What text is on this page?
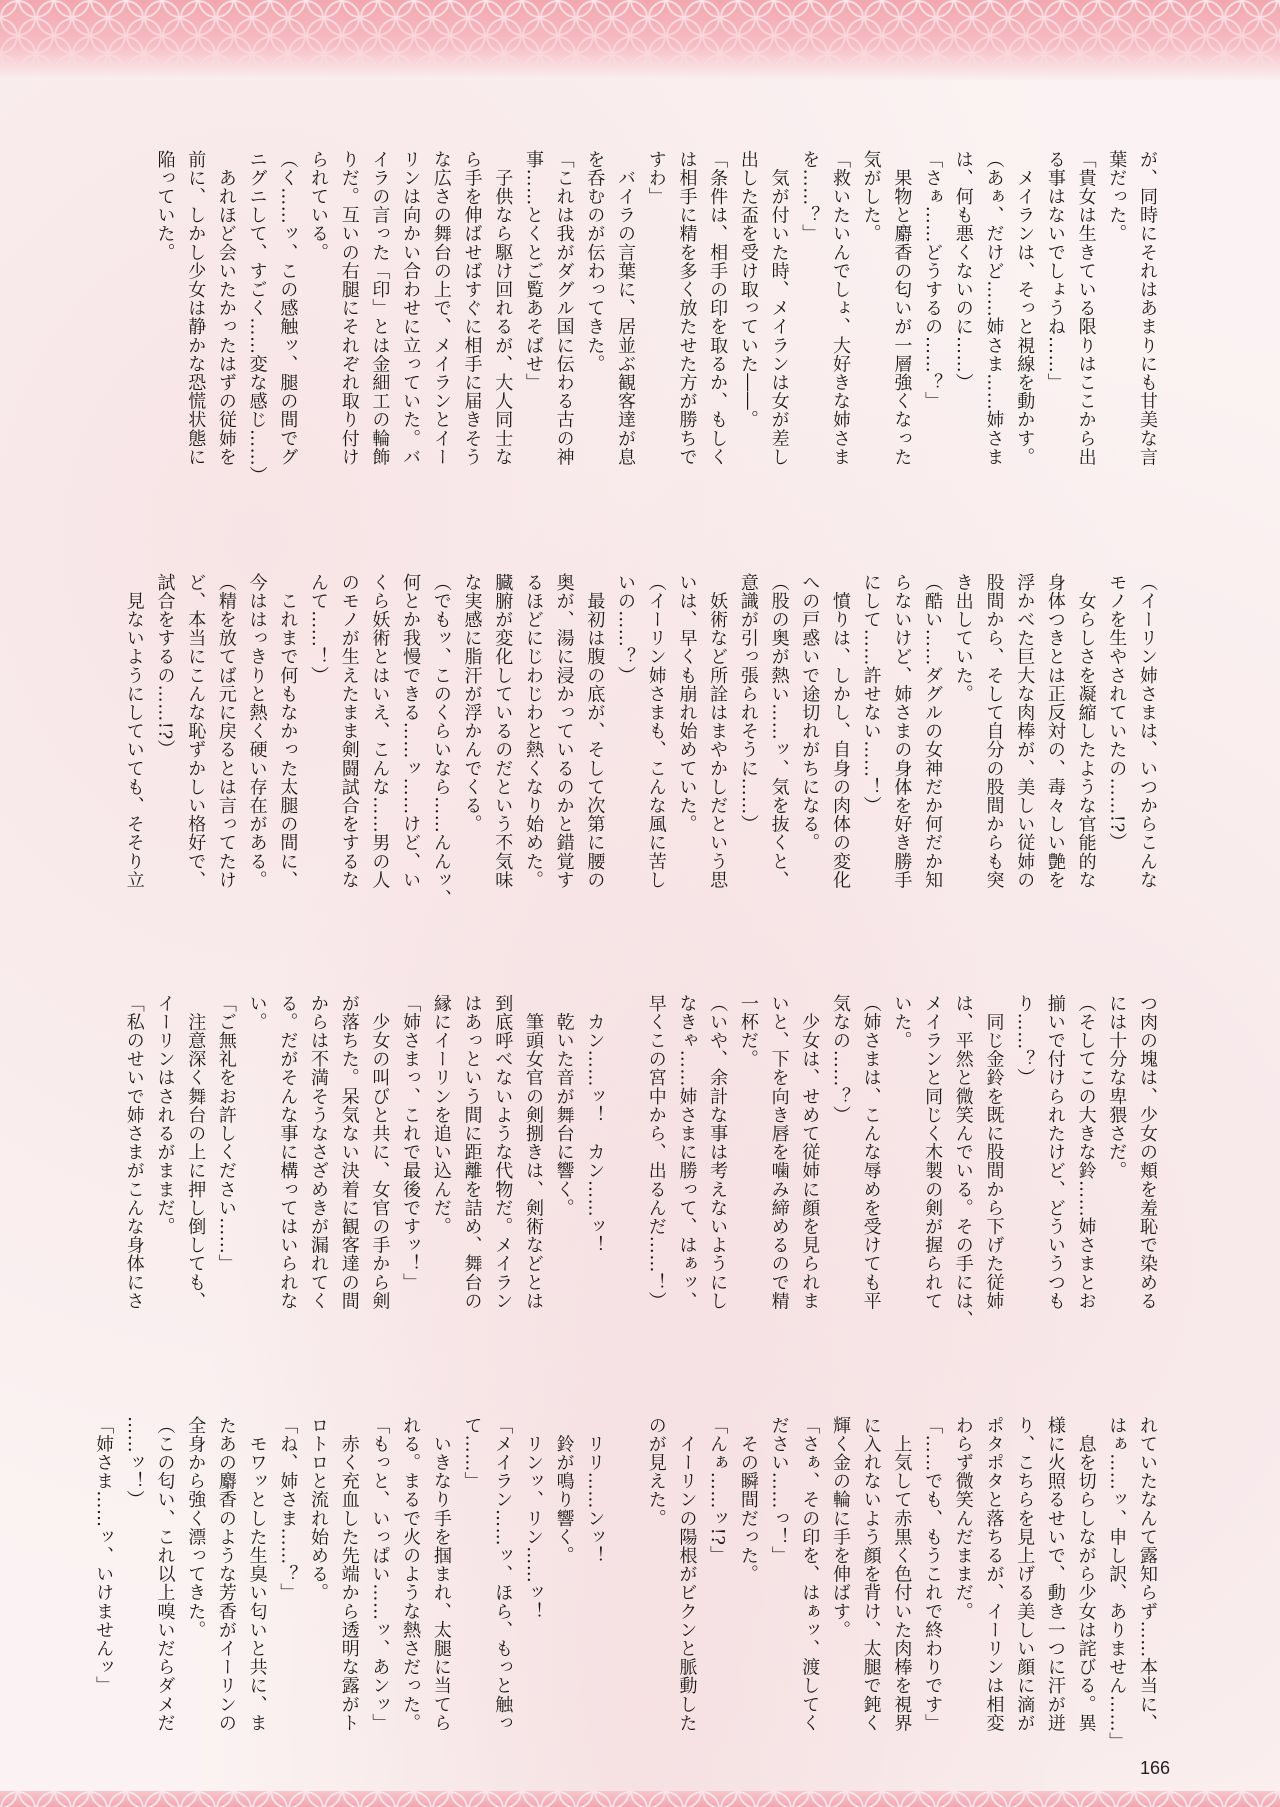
が、同時にそれはあまりにも甘美な言
葉だった。
「貴女は生きている限りはここから出
る事はないでしょうね……」
　メイランは、そっと視線を動かす。
（あぁ、だけど……姉さま……姉さま
は、何も悪くないのに……）
「さぁ……どうするの……？」
　果物と麝香の匂いが一層強くなった
気がした。
「救いたいんでしょ、大好きな姉さま
を……？」
　気が付いた時、メイランは女が差し
出した盃を受け取っていた――。
「条件は、相手の印を取るか、もしく
は相手に精を多く放たせた方が勝ちで
すわ」
　バイラの言葉に、居並ぶ観客達が息
を呑むのが伝わってきた。
「これは我がダグル国に伝わる古の神
事……とくとご覧あそばせ」
　子供なら駆け回れるが、大人同士な
ら手を伸ばせばすぐに相手に届きそう
な広さの舞台の上で、メイランとイー
リンは向かい合わせに立っていた。バ
イラの言った「印」とは金細工の輪飾
りだ。互いの右腿にそれぞれ取り付け
られている。
（く……ッ、この感触ッ、腿の間でグ
ニグニして、すごく……変な感じ……）
　あれほど会いたかったはずの従姉を
前に、しかし少女は静かな恐慌状態に
陥っていた。
（イーリン姉さまは、いつからこんな
モノを生やされていたの……!?）
　女らしさを凝縮したような官能的な
身体つきとは正反対の、毒々しい艶を
浮かべた巨大な肉棒が、美しい従姉の
股間から、そして自分の股間からも突
き出していた。
（酷い……ダグルの女神だか何だか知
らないけど、姉さまの身体を好き勝手
にして……許せない……！）
　憤りは、しかし、自身の肉体の変化
への戸惑いで途切れがちになる。
（股の奥が熱い……ッ、気を抜くと、
意識が引っ張られそうに……）
　妖術など所詮はまやかしだという思
いは、早くも崩れ始めていた。
（イーリン姉さまも、こんな風に苦し
いの……？）
　最初は腹の底が、そして次第に腰の
奥が、湯に浸かっているのかと錯覚す
るほどにじわじわと熱くなり始めた。
臓腑が変化しているのだという不気味
な実感に脂汗が浮かんでくる。
（でもッ、このくらいなら……んんッ、
何とか我慢できる……ッ……けど、い
くら妖術とはいえ、こんな……男の人
のモノが生えたまま剣闘試合をするな
んて……！）
　これまで何もなかった太腿の間に、
今ははっきりと熱く硬い存在がある。
（精を放てば元に戻るとは言ってたけ
ど、本当にこんな恥ずかしい格好で、
試合をするの……!?）
　見ないようにしていても、そそり立
つ肉の塊は、少女の頬を羞恥で染める
には十分な卑猥さだ。
（そしてこの大きな鈴……姉さまとお
揃いで付けられたけど、どういうつも
り……？）
　同じ金鈴を既に股間から下げた従姉
は、平然と微笑んでいる。その手には、
メイランと同じく木製の剣が握られて
いた。
（姉さまは、こんな辱めを受けても平
気なの……？）
　少女は、せめて従姉に顔を見られま
いと、下を向き唇を噛み締めるので精
一杯だ。
（いや、余計な事は考えないようにし
なきゃ……姉さまに勝って、はぁッ、
早くこの宮中から、出るんだ……！）

　カン……ッ！　カン……ッ！
　乾いた音が舞台に響く。
　筆頭女官の剣捌きは、剣術などとは
到底呼べないような代物だ。メイラン
はあっという間に距離を詰め、舞台の
縁にイーリンを追い込んだ。
「姉さまっ、これで最後ですッ！」
　少女の叫びと共に、女官の手から剣
が落ちた。呆気ない決着に観客達の間
からは不満そうなさざめきが漏れてく
る。だがそんな事に構ってはいられな
い。
「ご無礼をお許しください……」
　注意深く舞台の上に押し倒しても、
イーリンはされるがままだ。
「私のせいで姉さまがこんな身体にさ
れていたなんて露知らず……本当に、
はぁ……ッ、申し訳、ありません……」
　息を切らしながら少女は詫びる。異
様に火照るせいで、動き一つに汗が迸
り、こちらを見上げる美しい顔に滴が
ポタポタと落ちるが、イーリンは相変
わらず微笑んだままだ。
「……でも、もうこれで終わりです」
　上気して赤黒く色付いた肉棒を視界
に入れないよう顔を背け、太腿で鈍く
輝く金の輪に手を伸ばす。
「さぁ、その印を、はぁッ、渡してく
ださい……っ！」
　その瞬間だった。
「んぁ……ッ!?」
　イーリンの陽根がビクンと脈動した
のが見えた。

　リリ……ンッ！
　鈴が鳴り響く。
　リンッ、リン……ッ！
「メイラン……ッ、ほら、もっと触っ
て……」
　いきなり手を掴まれ、太腿に当てら
れる。まるで火のような熱さだった。
「もっと、いっぱい……ッ、あンッ」
　赤く充血した先端から透明な露がト
ロトロと流れ始める。
「ね、姉さま……？」
　モワッとした生臭い匂いと共に、ま
たあの麝香のような芳香がイーリンの
全身から強く漂ってきた。
（この匂い、これ以上嗅いだらダメだ
……ッ！）
「姉さま……ッ、いけませんッ」
166
